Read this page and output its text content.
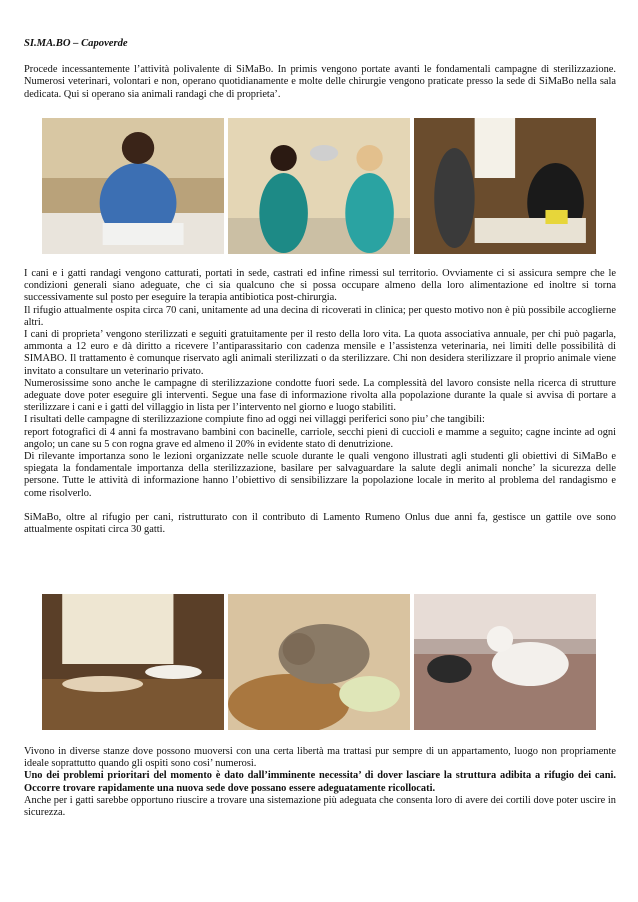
SI.MA.BO – Capoverde

Procede incessantemente l’attività polivalente di SiMaBo. In primis vengono portate avanti le fondamentali campagne di sterilizzazione. Numerosi veterinari, volontari e non, operano quotidianamente e molte delle chirurgie vengono praticate presso la sede di SiMaBo nella sala dedicata. Qui si operano sia animali randagi che di proprieta’.

I cani e i gatti randagi vengono catturati, portati in sede, castrati ed infine rimessi sul territorio. Ovviamente ci si assicura sempre che le condizioni generali siano adeguate, che ci sia qualcuno che si possa occupare almeno della loro alimentazione ed inoltre si torna successivamente sul posto per eseguire la terapia antibiotica post-chirurgia.

Il rifugio attualmente ospita circa 70 cani, unitamente ad una decina di ricoverati in clinica; per questo motivo non è più possibile accoglierne altri.

I cani di proprieta’ vengono sterilizzati e seguiti gratuitamente per il resto della loro vita. La quota associativa annuale, per chi può pagarla, ammonta a 12 euro e dà diritto a ricevere l’antiparassitario con cadenza mensile e l’assistenza veterinaria, nei limiti delle possibilità di SIMABO. Il trattamento è comunque riservato agli animali sterilizzati o da sterilizzare. Chi non desidera sterilizzare il proprio animale viene invitato a consultare un veterinario privato.

Numerosissime sono anche le campagne di sterilizzazione condotte fuori sede. La complessità del lavoro consiste nella ricerca di strutture adeguate dove poter eseguire gli interventi. Segue una fase di informazione rivolta alla popolazione durante la quale si avvisa di portare a sterilizzare i cani e i gatti del villaggio in lista per l’intervento nel giorno e luogo stabiliti.

I risultati delle campagne di sterilizzazione compiute fino ad oggi nei villaggi periferici sono piu’ che tangibili:

report fotografici di 4 anni fa mostravano bambini con bacinelle, carriole, secchi pieni di cuccioli e mamme a seguito; cagne incinte ad ogni angolo; un cane su 5 con rogna grave ed almeno il 20% in evidente stato di denutrizione.

Di rilevante importanza sono le lezioni organizzate nelle scuole durante le quali vengono illustrati agli studenti gli obiettivi di SiMaBo e spiegata la fondamentale importanza della sterilizzazione, basilare per salvaguardare la salute degli animali nonche’ la sicurezza delle persone. Tutte le attività di informazione hanno l’obiettivo di sensibilizzare la popolazione locale in merito al problema del randagismo e come risolverlo.

SiMaBo, oltre al rifugio per cani, ristrutturato con il contributo di Lamento Rumeno Onlus due anni fa, gestisce un gattile ove sono attualmente ospitati circa 30 gatti.

Vivono in diverse stanze dove possono muoversi con una certa libertà ma trattasi pur sempre di un appartamento, luogo non propriamente ideale soprattutto quando gli ospiti sono cosi’ numerosi.

Uno dei problemi prioritari del momento è dato dall’imminente necessita’ di dover lasciare la struttura adibita a rifugio dei cani. Occorre trovare rapidamente una nuova sede dove possano essere adeguatamente ricollocati.

Anche per i gatti sarebbe opportuno riuscire a trovare una sistemazione più adeguata che consenta loro di avere dei cortili dove poter uscire in sicurezza.
